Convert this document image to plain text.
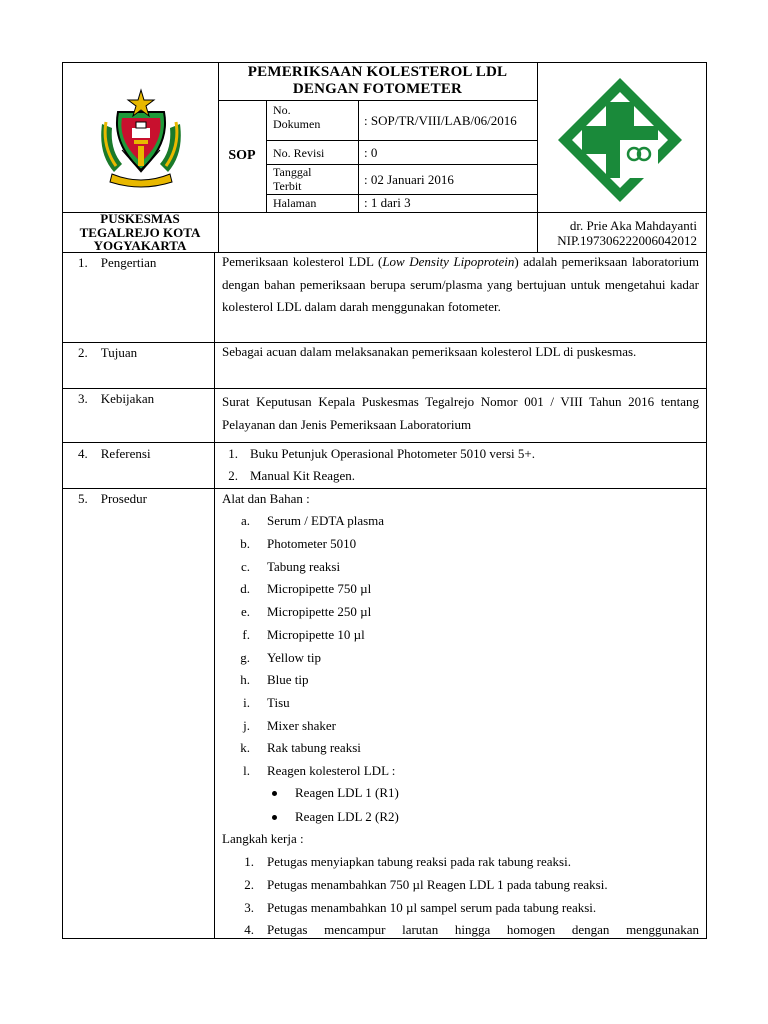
PEMERIKSAAN KOLESTEROL LDL
DENGAN FOTOMETER
SOP
No.
Dokumen	: SOP/TR/VIII/LAB/06/2016
No. Revisi	: 0
Tanggal
Terbit	: 02 Januari 2016
Halaman	: 1 dari 3
PUSKESMAS
TEGALREJO KOTA
YOGYAKARTA
dr. Prie Aka Mahdayanti
NIP.197306222006042012
1. Pengertian	Pemeriksaan kolesterol LDL (Low Density Lipoprotein) adalah pemeriksaan laboratorium dengan bahan pemeriksaan berupa serum/plasma yang bertujuan untuk mengetahui kadar kolesterol LDL dalam darah menggunakan fotometer.
2. Tujuan	Sebagai acuan dalam melaksanakan pemeriksaan kolesterol LDL di puskesmas.
3. Kebijakan	Surat Keputusan Kepala Puskesmas Tegalrejo Nomor 001 / VIII Tahun 2016 tentang Pelayanan dan Jenis Pemeriksaan Laboratorium
4. Referensi	1. Buku Petunjuk Operasional Photometer 5010 versi 5+.
2. Manual Kit Reagen.
5. Prosedur	Alat dan Bahan :
a. Serum / EDTA plasma
b. Photometer 5010
c. Tabung reaksi
d. Micropipette 750 µl
e. Micropipette 250 µl
f. Micropipette 10 µl
g. Yellow tip
h. Blue tip
i. Tisu
j. Mixer shaker
k. Rak tabung reaksi
l. Reagen kolesterol LDL :
Reagen LDL 1 (R1)
Reagen LDL 2 (R2)
Langkah kerja :
1. Petugas menyiapkan tabung reaksi pada rak tabung reaksi.
2. Petugas menambahkan 750 µl Reagen LDL 1 pada tabung reaksi.
3. Petugas menambahkan 10 µl sampel serum pada tabung reaksi.
4. Petugas mencampur larutan hingga homogen dengan menggunakan
